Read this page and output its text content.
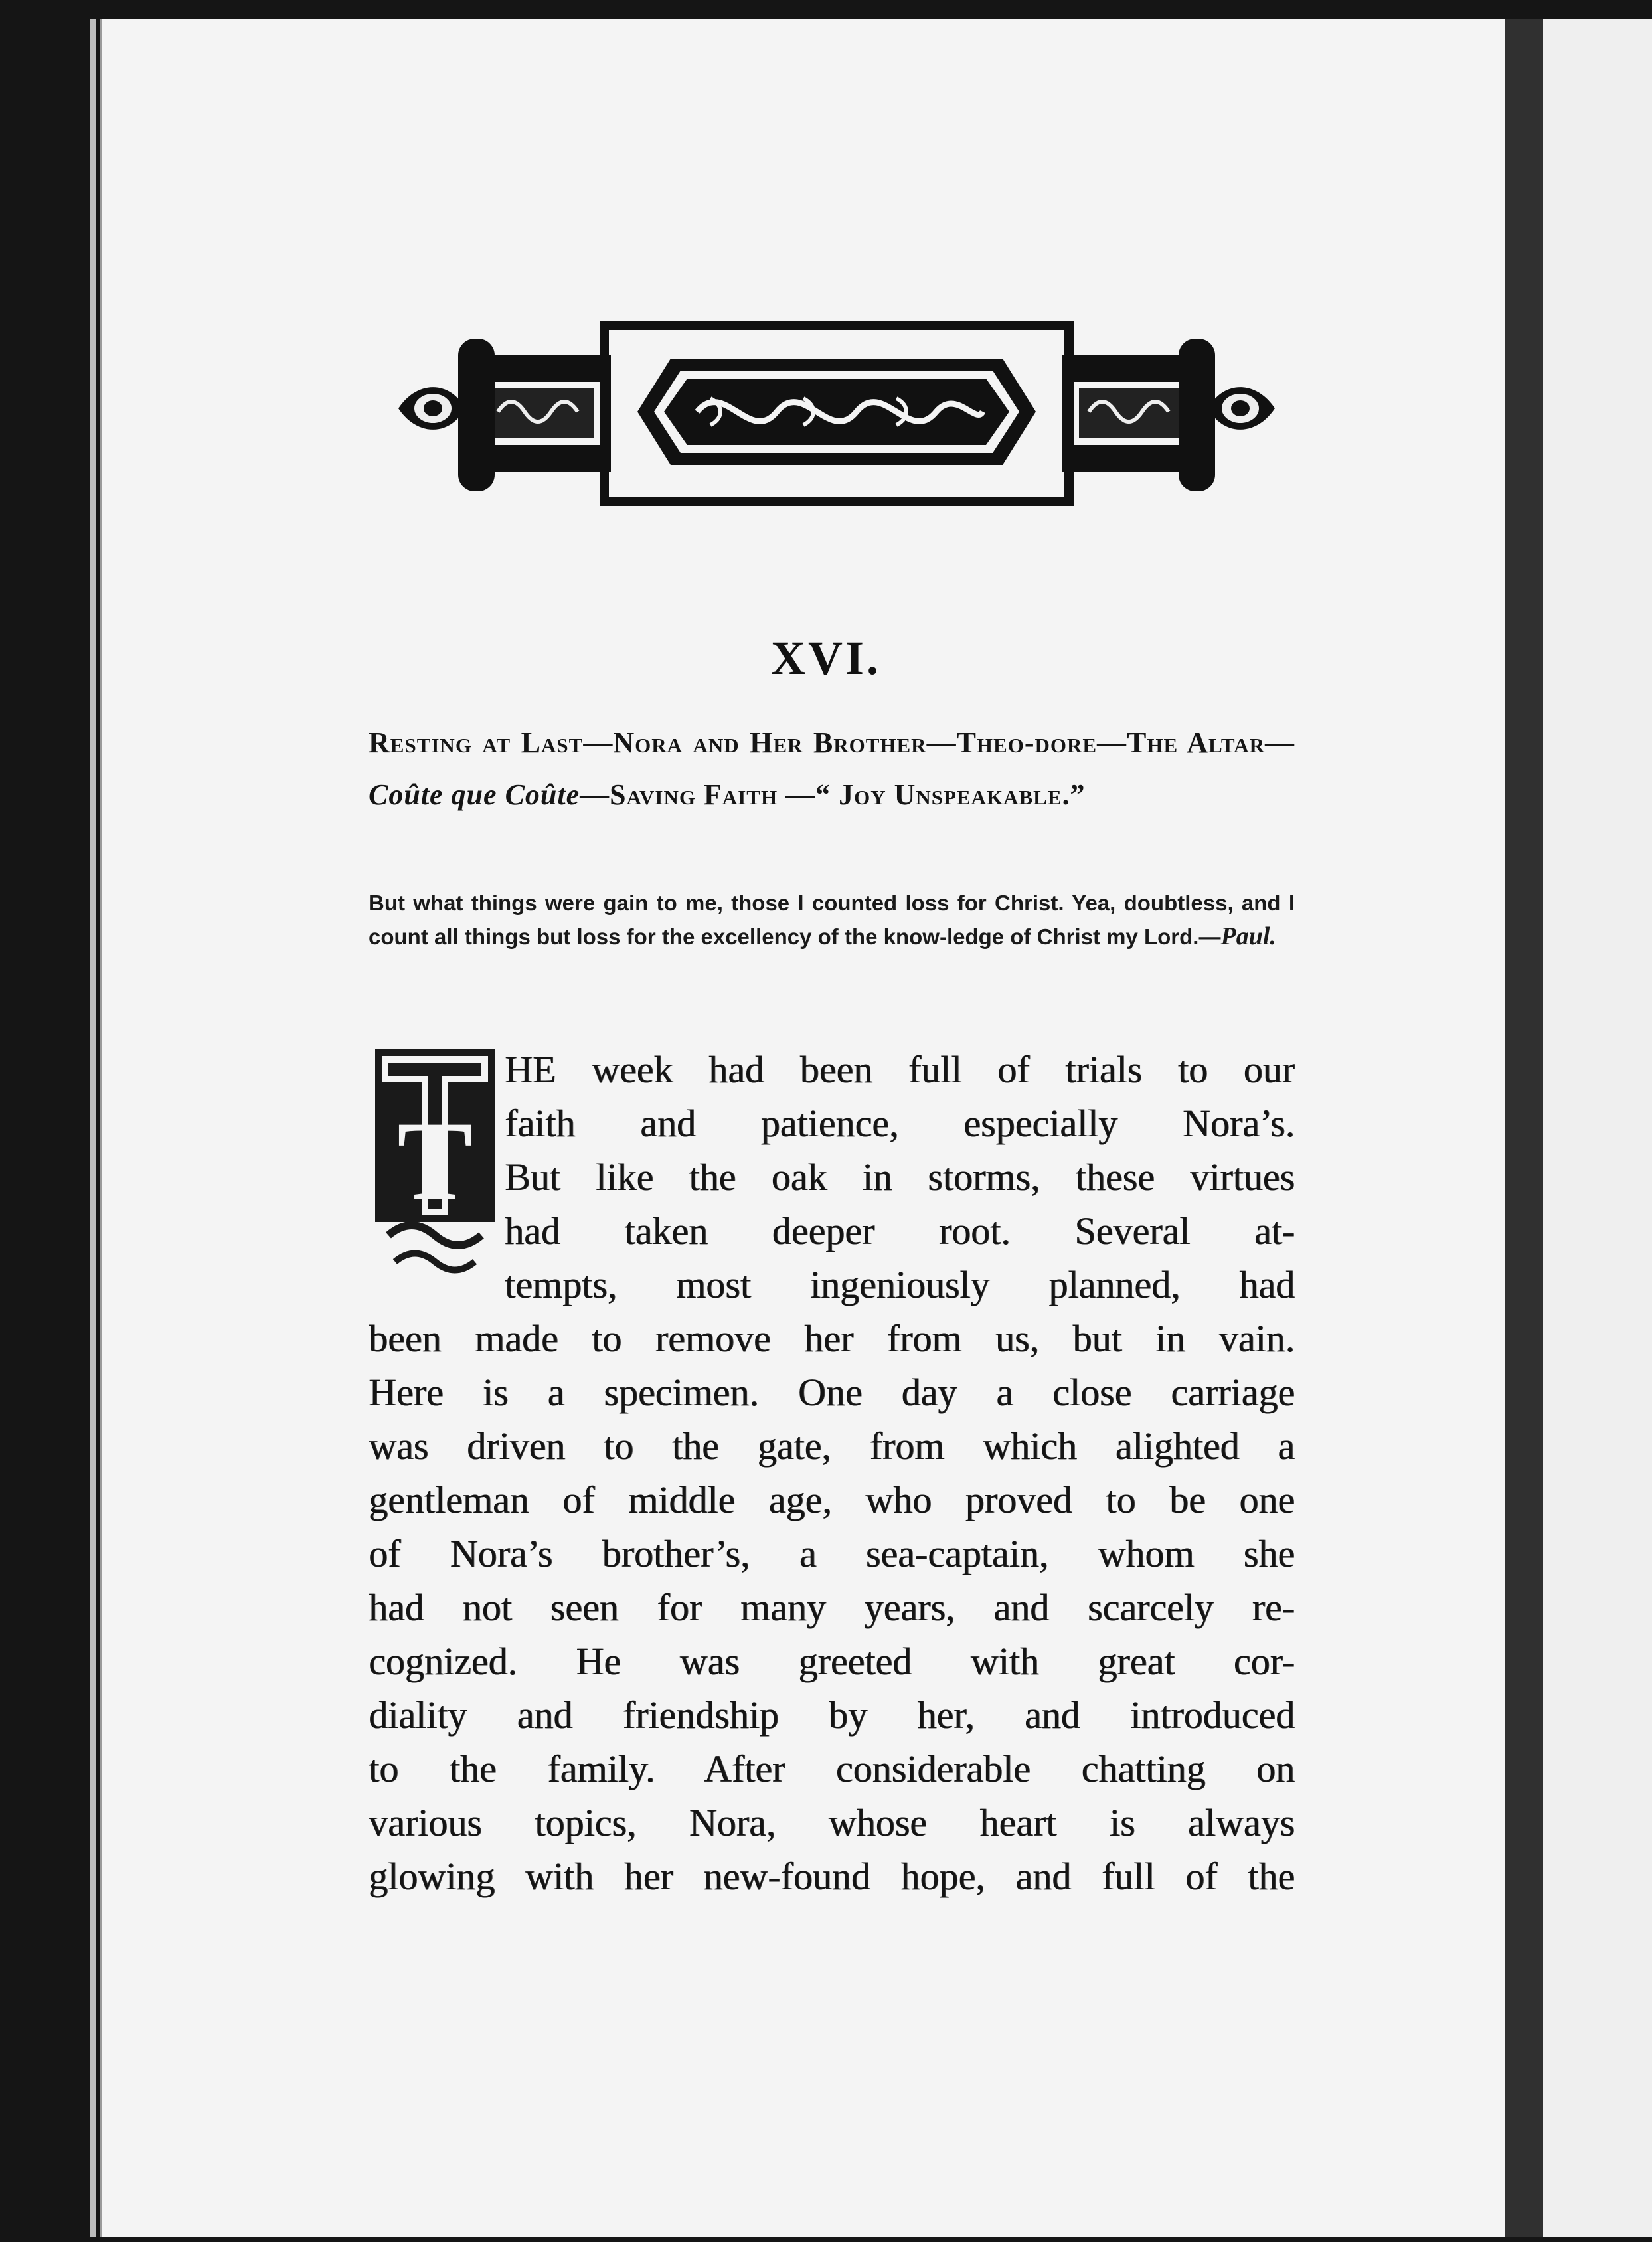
XVI.
Resting at Last—Nora and Her Brother—Theo-dore—The Altar—Coûte que Coûte—Saving Faith —“ Joy Unspeakable.”
But what things were gain to me, those I counted loss for Christ. Yea, doubtless, and I count all things but loss for the excellency of the know-ledge of Christ my Lord.—Paul.
T
HE week had been full of trials to our
faith and patience, especially Nora’s.
But like the oak in storms, these virtues
had taken deeper root. Several at-
tempts, most ingeniously planned, had
been made to remove her from us, but in vain.
Here is a specimen. One day a close carriage
was driven to the gate, from which alighted a
gentleman of middle age, who proved to be one
of Nora’s brother’s, a sea-captain, whom she
had not seen for many years, and scarcely re-
cognized. He was greeted with great cor-
diality and friendship by her, and introduced
to the family. After considerable chatting on
various topics, Nora, whose heart is always
glowing with her new-found hope, and full of the
